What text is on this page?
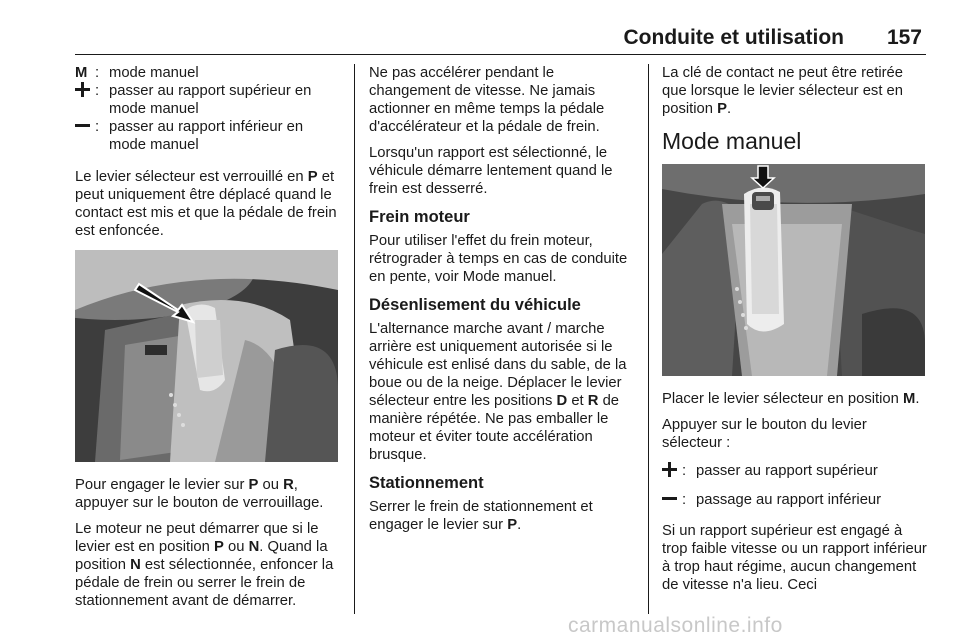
Conduite et utilisation 157
M : mode manuel
: passer au rapport supérieur en mode manuel
: passer au rapport inférieur en mode manuel

Le levier sélecteur est verrouillé en P et peut uniquement être déplacé quand le contact est mis et que la pédale de frein est enfoncée.

Pour engager le levier sur P ou R, appuyer sur le bouton de verrouillage.

Le moteur ne peut démarrer que si le levier est en position P ou N. Quand la position N est sélectionnée, enfoncer la pédale de frein ou serrer le frein de stationnement avant de démarrer.

Ne pas accélérer pendant le changement de vitesse. Ne jamais actionner en même temps la pédale d'accélérateur et la pédale de frein.

Lorsqu'un rapport est sélectionné, le véhicule démarre lentement quand le frein est desserré.

Frein moteur

Pour utiliser l'effet du frein moteur, rétrograder à temps en cas de conduite en pente, voir Mode manuel.

Désenlisement du véhicule

L'alternance marche avant / marche arrière est uniquement autorisée si le véhicule est enlisé dans du sable, de la boue ou de la neige. Déplacer le levier sélecteur entre les positions D et R de manière répétée. Ne pas emballer le moteur et éviter toute accélération brusque.

Stationnement

Serrer le frein de stationnement et engager le levier sur P.

La clé de contact ne peut être retirée que lorsque le levier sélecteur est en position P.

Mode manuel

Placer le levier sélecteur en position M.

Appuyer sur le bouton du levier sélecteur :

: passer au rapport supérieur
: passage au rapport inférieur

Si un rapport supérieur est engagé à trop faible vitesse ou un rapport inférieur à trop haut régime, aucun changement de vitesse n'a lieu. Ceci

carmanualsonline.info
